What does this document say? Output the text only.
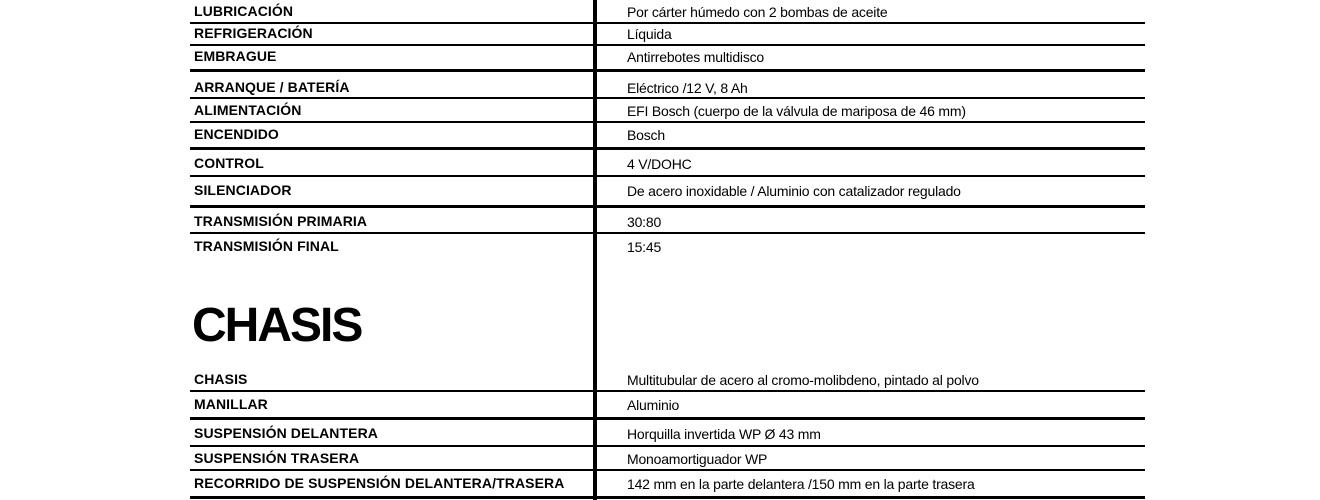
LUBRICACIÓN	Por cárter húmedo con 2 bombas de aceite
REFRIGERACIÓN	Líquida
EMBRAGUE	Antirrebotes multidisco
ARRANQUE / BATERÍA	Eléctrico /12 V, 8 Ah
ALIMENTACIÓN	EFI Bosch (cuerpo de la válvula de mariposa de 46 mm)
ENCENDIDO	Bosch
CONTROL	4 V/DOHC
SILENCIADOR	De acero inoxidable / Aluminio con catalizador regulado
TRANSMISIÓN PRIMARIA	30:80
TRANSMISIÓN FINAL	15:45
CHASIS
CHASIS	Multitubular de acero al cromo-molibdeno, pintado al polvo
MANILLAR	Aluminio
SUSPENSIÓN DELANTERA	Horquilla invertida WP Ø 43 mm
SUSPENSIÓN TRASERA	Monoamortiguador WP
RECORRIDO DE SUSPENSIÓN DELANTERA/TRASERA	142 mm en la parte delantera /150 mm en la parte trasera
